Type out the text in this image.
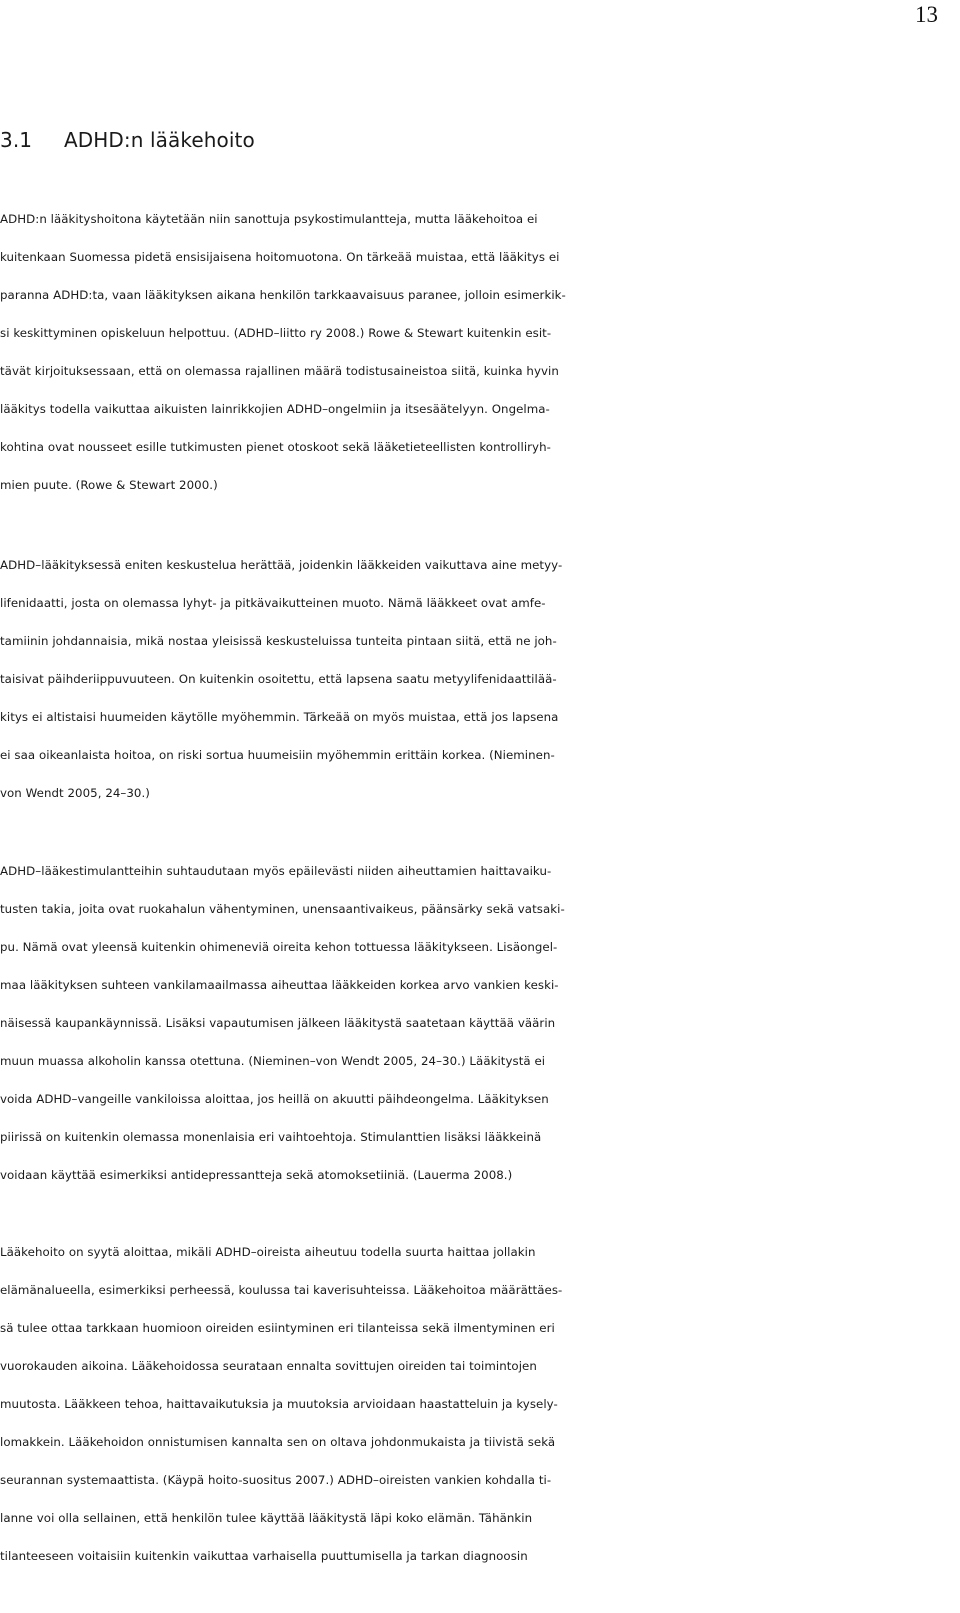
13
3.1 ADHD:n lääkehoito
ADHD:n lääkityshoitona käytetään niin sanottuja psykostimulantteja, mutta lääkehoitoa ei
kuitenkaan Suomessa pidetä ensisijaisena hoitomuotona. On tärkeää muistaa, että lääkitys ei
paranna ADHD:ta, vaan lääkityksen aikana henkilön tarkkaavaisuus paranee, jolloin esimerkik-
si keskittyminen opiskeluun helpottuu. (ADHD–liitto ry 2008.) Rowe & Stewart kuitenkin esit-
tävät kirjoituksessaan, että on olemassa rajallinen määrä todistusaineistoa siitä, kuinka hyvin
lääkitys todella vaikuttaa aikuisten lainrikkojien ADHD–ongelmiin ja itsesäätelyyn. Ongelma-
kohtina ovat nousseet esille tutkimusten pienet otoskoot sekä lääketieteellisten kontrolliryh-
mien puute. (Rowe & Stewart 2000.)
ADHD–lääkityksessä eniten keskustelua herättää, joidenkin lääkkeiden vaikuttava aine metyy-
lifenidaatti, josta on olemassa lyhyt- ja pitkävaikutteinen muoto. Nämä lääkkeet ovat amfe-
tamiinin johdannaisia, mikä nostaa yleisissä keskusteluissa tunteita pintaan siitä, että ne joh-
taisivat päihderiippuvuuteen. On kuitenkin osoitettu, että lapsena saatu metyylifenidaattilää-
kitys ei altistaisi huumeiden käytölle myöhemmin. Tärkeää on myös muistaa, että jos lapsena
ei saa oikeanlaista hoitoa, on riski sortua huumeisiin myöhemmin erittäin korkea. (Nieminen-
von Wendt 2005, 24–30.)
ADHD–lääkestimulantteihin suhtaudutaan myös epäilevästi niiden aiheuttamien haittavaiku-
tusten takia, joita ovat ruokahalun vähentyminen, unensaantivaikeus, päänsärky sekä vatsaki-
pu. Nämä ovat yleensä kuitenkin ohimeneviä oireita kehon tottuessa lääkitykseen. Lisäongel-
maa lääkityksen suhteen vankilamaailmassa aiheuttaa lääkkeiden korkea arvo vankien keski-
näisessä kaupankäynnissä. Lisäksi vapautumisen jälkeen lääkitystä saatetaan käyttää väärin
muun muassa alkoholin kanssa otettuna. (Nieminen–von Wendt 2005, 24–30.) Lääkitystä ei
voida ADHD–vangeille vankiloissa aloittaa, jos heillä on akuutti päihdeongelma. Lääkityksen
piirissä on kuitenkin olemassa monenlaisia eri vaihtoehtoja. Stimulanttien lisäksi lääkkeinä
voidaan käyttää esimerkiksi antidepressantteja sekä atomoksetiiniä. (Lauerma 2008.)
Lääkehoito on syytä aloittaa, mikäli ADHD–oireista aiheutuu todella suurta haittaa jollakin
elämänalueella, esimerkiksi perheessä, koulussa tai kaverisuhteissa. Lääkehoitoa määrättäes-
sä tulee ottaa tarkkaan huomioon oireiden esiintyminen eri tilanteissa sekä ilmentyminen eri
vuorokauden aikoina. Lääkehoidossa seurataan ennalta sovittujen oireiden tai toimintojen
muutosta. Lääkkeen tehoa, haittavaikutuksia ja muutoksia arvioidaan haastatteluin ja kysely-
lomakkein. Lääkehoidon onnistumisen kannalta sen on oltava johdonmukaista ja tiivistä sekä
seurannan systemaattista. (Käypä hoito-suositus 2007.) ADHD–oireisten vankien kohdalla ti-
lanne voi olla sellainen, että henkilön tulee käyttää lääkitystä läpi koko elämän. Tähänkin
tilanteeseen voitaisiin kuitenkin vaikuttaa varhaisella puuttumisella ja tarkan diagnoosin
